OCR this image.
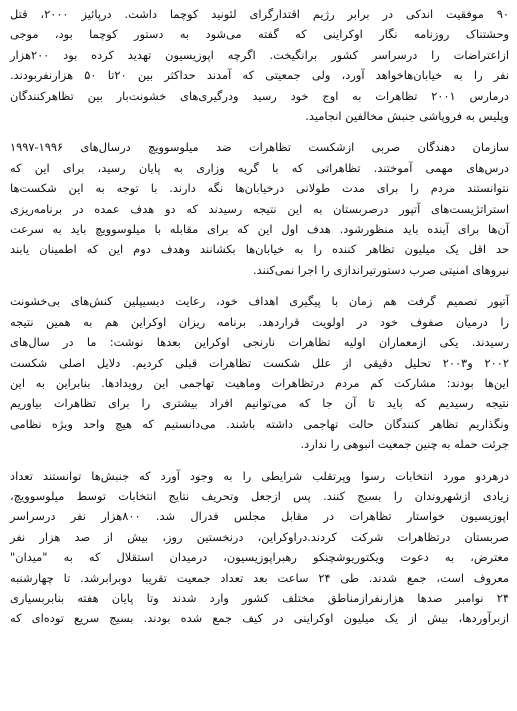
۹۰ موفقیت اندکی در برابر رژیم اقتدارگرای لئونید کوچما داشت. درپائیز ۲۰۰۰، قتل
وحشتناک روزنامه نگار اوکراینی که گفته می‌شود به دستور کوچما بود، موجی
ازاعتراضات را درسراسر کشور برانگیخت. اگرچه اپوزیسیون تهدید کرده بود ۲۰۰هزار
نفر را به خیابان‌هاخواهد آورد، ولی جمعیتی که آمدند حداکثر بین ۲۰تا ۵۰ هزارنفربودند.
درمارس ۲۰۰۱ تظاهرات به اوج خود رسید ودرگیری‌های خشونت‌بار بین تظاهرکنندگان
وپلیس به فروپاشی جنبش مخالفین انجامید.
سازمان دهندگان صربی ازشکست تظاهرات ضد میلوسوویچ درسال‌های ۱۹۹۶-۱۹۹۷
درس‌های مهمی آموختند. تظاهراتی که با گریه وزاری به پایان رسید، برای این که
نتوانستند مردم را برای مدت طولانی درخیابان‌ها نگه دارند. با توجه به این شکست‌ها
استراتژیست‌های آتپور درصربستان به این نتیجه رسیدند که دو هدف عمده در برنامه‌ریزی
آن‌ها برای آینده باید منظورشود. هدف اول این که برای مقابله با میلوسوویچ باید به سرعت
حد اقل یک میلیون تظاهر کننده را به خیابان‌ها بکشانند وهدف دوم این که اطمینان یابند
نیروهای امنیتی صرب دستورتیراندازی را اجرا نمی‌کنند.
آتپور تصمیم گرفت هم زمان با پیگیری اهداف خود، رعایت دیسیپلین کنش‌های بی‌خشونت
را درمیان صفوف خود در اولویت قراردهد. برنامه ریزان اوکراین هم به همین نتیجه
رسیدند. یکی ازمعماران اولیه تظاهرات نارنجی اوکراین بعدها نوشت: ما در سال‌های
۲۰۰۲ و۲۰۰۳ تحلیل دقیقی از علل شکست تظاهرات قبلی کردیم. دلایل اصلی شکست
این‌ها بودند: مشارکت کم مردم درتظاهرات وماهیت تهاجمی این رویدادها. بنابراین به این
نتیجه رسیدیم که باید تا آن جا که می‌توانیم افراد بیشتری را برای تظاهرات بیاوریم
ونگذاریم تظاهر کنندگان حالت تهاجمی داشته باشند. می‌دانستیم که هیچ واحد ویژه نظامی
جرئت حمله به چنین جمعیت انبوهی را ندارد.
درهردو مورد انتخابات رسوا وپرتقلب شرایطی را به وجود آورد که جنبش‌ها توانستند تعداد
زیادی ازشهروندان را بسیج کنند. پس ازجعل وتحریف نتایج انتخابات توسط میلوسوویچ،
اپوزیسیون خواستار تظاهرات در مقابل مجلس فدرال شد. ۸۰۰هزار نفر درسراسر
صربستان درتظاهرات شرکت کردند.دراوکراین، درنخستین روز، بیش از صد هزار نفر
معترض، به دعوت ویکتوریوشچنکو رهبراپوزیسیون، درمیدان استقلال که به "میدان"
معروف است، جمع شدند. طی ۲۴ ساعت بعد تعداد جمعیت تقریبا دوبرابرشد. تا چهارشنبه
۲۴ نوامبر صدها هزارنفرازمناطق مختلف کشور وارد شدند وتا پایان هفته بنابربسیاری
ازبرآوردها، بیش از یک میلیون اوکراینی در کیف جمع شده بودند. بسیج سریع توده‌ای که
